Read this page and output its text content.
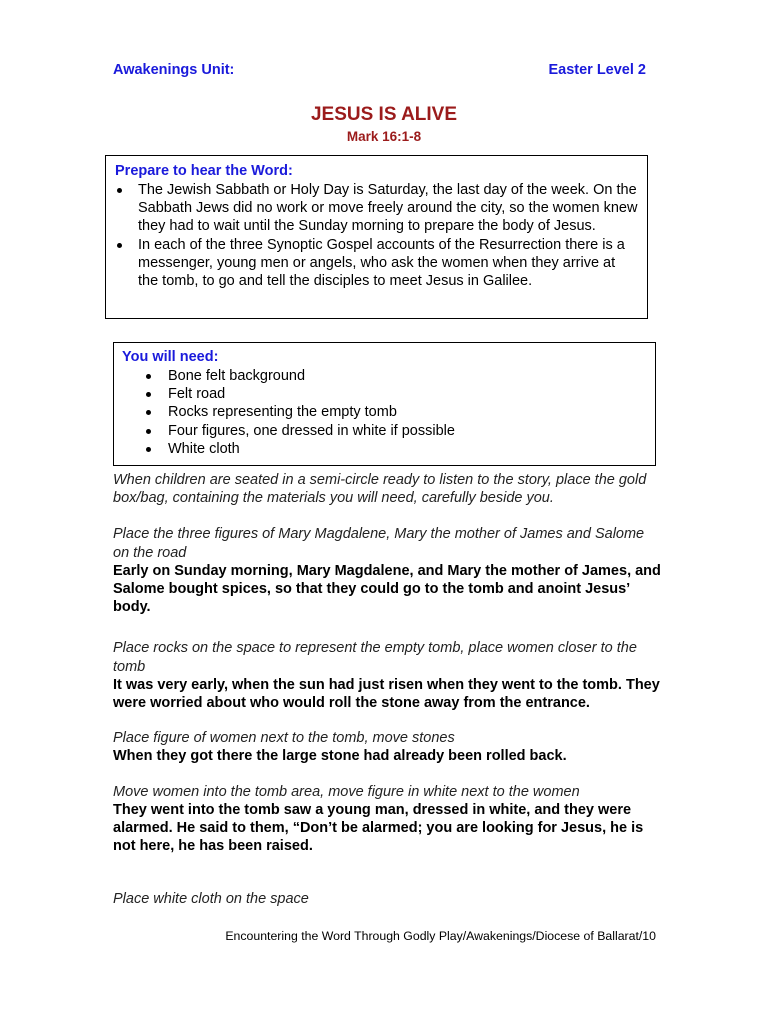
Awakenings Unit:	Easter Level 2
JESUS IS ALIVE
Mark 16:1-8
Prepare to hear the Word:
The Jewish Sabbath or Holy Day is Saturday, the last day of the week. On the Sabbath Jews did no work or move freely around the city, so the women knew they had to wait until the Sunday morning to prepare the body of Jesus.
In each of the three Synoptic Gospel accounts of the Resurrection there is a messenger, young men or angels, who ask the women when they arrive at the tomb, to go and tell the disciples to meet Jesus in Galilee.
You will need:
Bone felt background
Felt road
Rocks representing the empty tomb
Four figures, one dressed in white if possible
White cloth

When children are seated in a semi-circle ready to listen to the story, place the gold box/bag, containing the materials you will need, carefully beside you.

Place the three figures of Mary Magdalene, Mary the mother of James and Salome on the road

Early on Sunday morning, Mary Magdalene, and Mary the mother of James, and Salome bought spices, so that they could go to the tomb and anoint Jesus’ body.

Place rocks on the space to represent the empty tomb, place women closer to the tomb

It was very early, when the sun had just risen when they went to the tomb. They were worried about who would roll the stone away from the entrance.

Place figure of women next to the tomb, move stones

When they got there the large stone had already been rolled back.

Move women into the tomb area, move figure in white next to the women

They went into the tomb saw a young man, dressed in white, and they were alarmed. He said to them, “Don’t be alarmed; you are looking for Jesus, he is not here, he has been raised.

Place white cloth on the space

Encountering the Word Through Godly Play/Awakenings/Diocese of Ballarat/10
